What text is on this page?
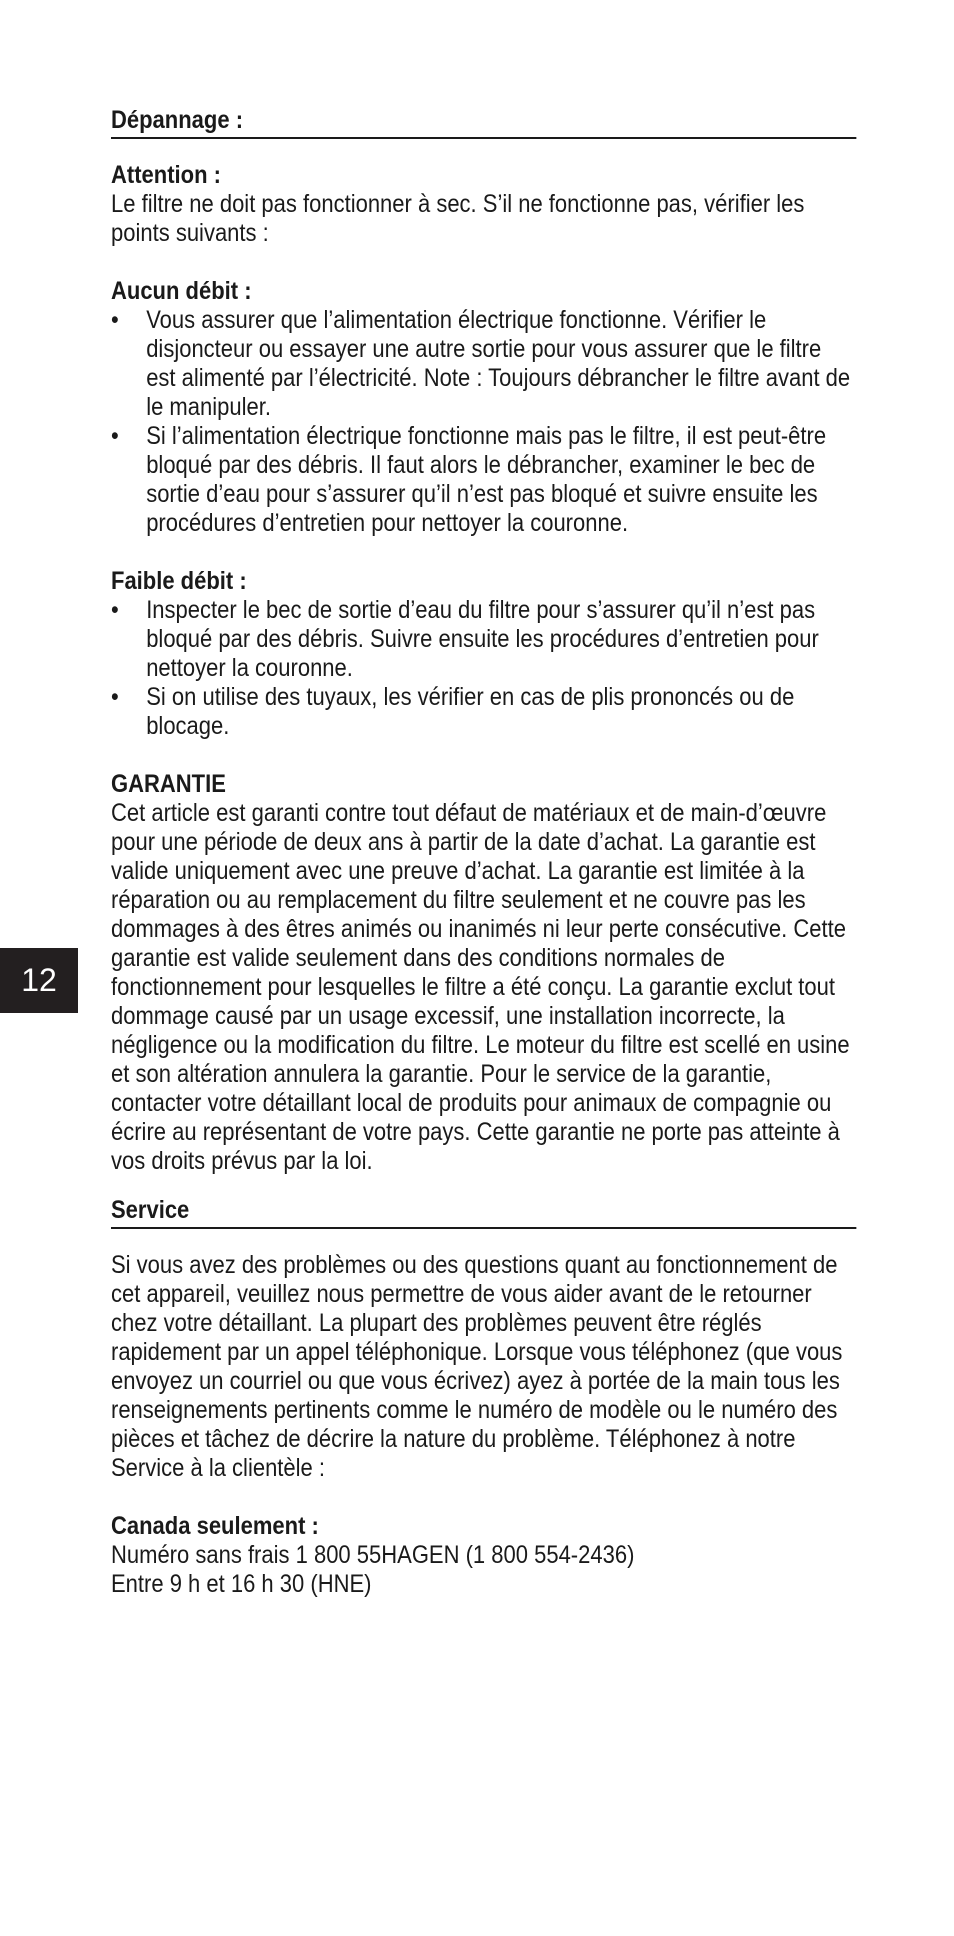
12
Dépannage :

Attention :

Le filtre ne doit pas fonctionner à sec. S’il ne fonctionne pas, vérifier les points suivants :

Aucun débit :

• Vous assurer que l’alimentation électrique fonctionne. Vérifier le disjoncteur ou essayer une autre sortie pour vous assurer que le filtre est alimenté par l’électricité. Note : Toujours débrancher le filtre avant de le manipuler.
• Si l’alimentation électrique fonctionne mais pas le filtre, il est peut-être bloqué par des débris. Il faut alors le débrancher, examiner le bec de sortie d’eau pour s’assurer qu’il n’est pas bloqué et suivre ensuite les procédures d’entretien pour nettoyer la couronne.

Faible débit :

• Inspecter le bec de sortie d’eau du filtre pour s’assurer qu’il n’est pas bloqué par des débris. Suivre ensuite les procédures d’entretien pour nettoyer la couronne.
• Si on utilise des tuyaux, les vérifier en cas de plis prononcés ou de blocage.

GARANTIE

Cet article est garanti contre tout défaut de matériaux et de main-d’œuvre pour une période de deux ans à partir de la date d’achat. La garantie est valide uniquement avec une preuve d’achat. La garantie est limitée à la réparation ou au remplacement du filtre seulement et ne couvre pas les dommages à des êtres animés ou inanimés ni leur perte consécutive. Cette garantie est valide seulement dans des conditions normales de fonctionnement pour lesquelles le filtre a été conçu. La garantie exclut tout dommage causé par un usage excessif, une installation incorrecte, la négligence ou la modification du filtre. Le moteur du filtre est scellé en usine et son altération annulera la garantie. Pour le service de la garantie, contacter votre détaillant local de produits pour animaux de compagnie ou écrire au représentant de votre pays. Cette garantie ne porte pas atteinte à vos droits prévus par la loi.

Service

Si vous avez des problèmes ou des questions quant au fonctionnement de cet appareil, veuillez nous permettre de vous aider avant de le retourner chez votre détaillant. La plupart des problèmes peuvent être réglés rapidement par un appel téléphonique. Lorsque vous téléphonez (que vous envoyez un courriel ou que vous écrivez) ayez à portée de la main tous les renseignements pertinents comme le numéro de modèle ou le numéro des pièces et tâchez de décrire la nature du problème. Téléphonez à notre Service à la clientèle :

Canada seulement :

Numéro sans frais 1 800 55HAGEN (1 800 554-2436)

Entre 9 h et 16 h 30 (HNE)
